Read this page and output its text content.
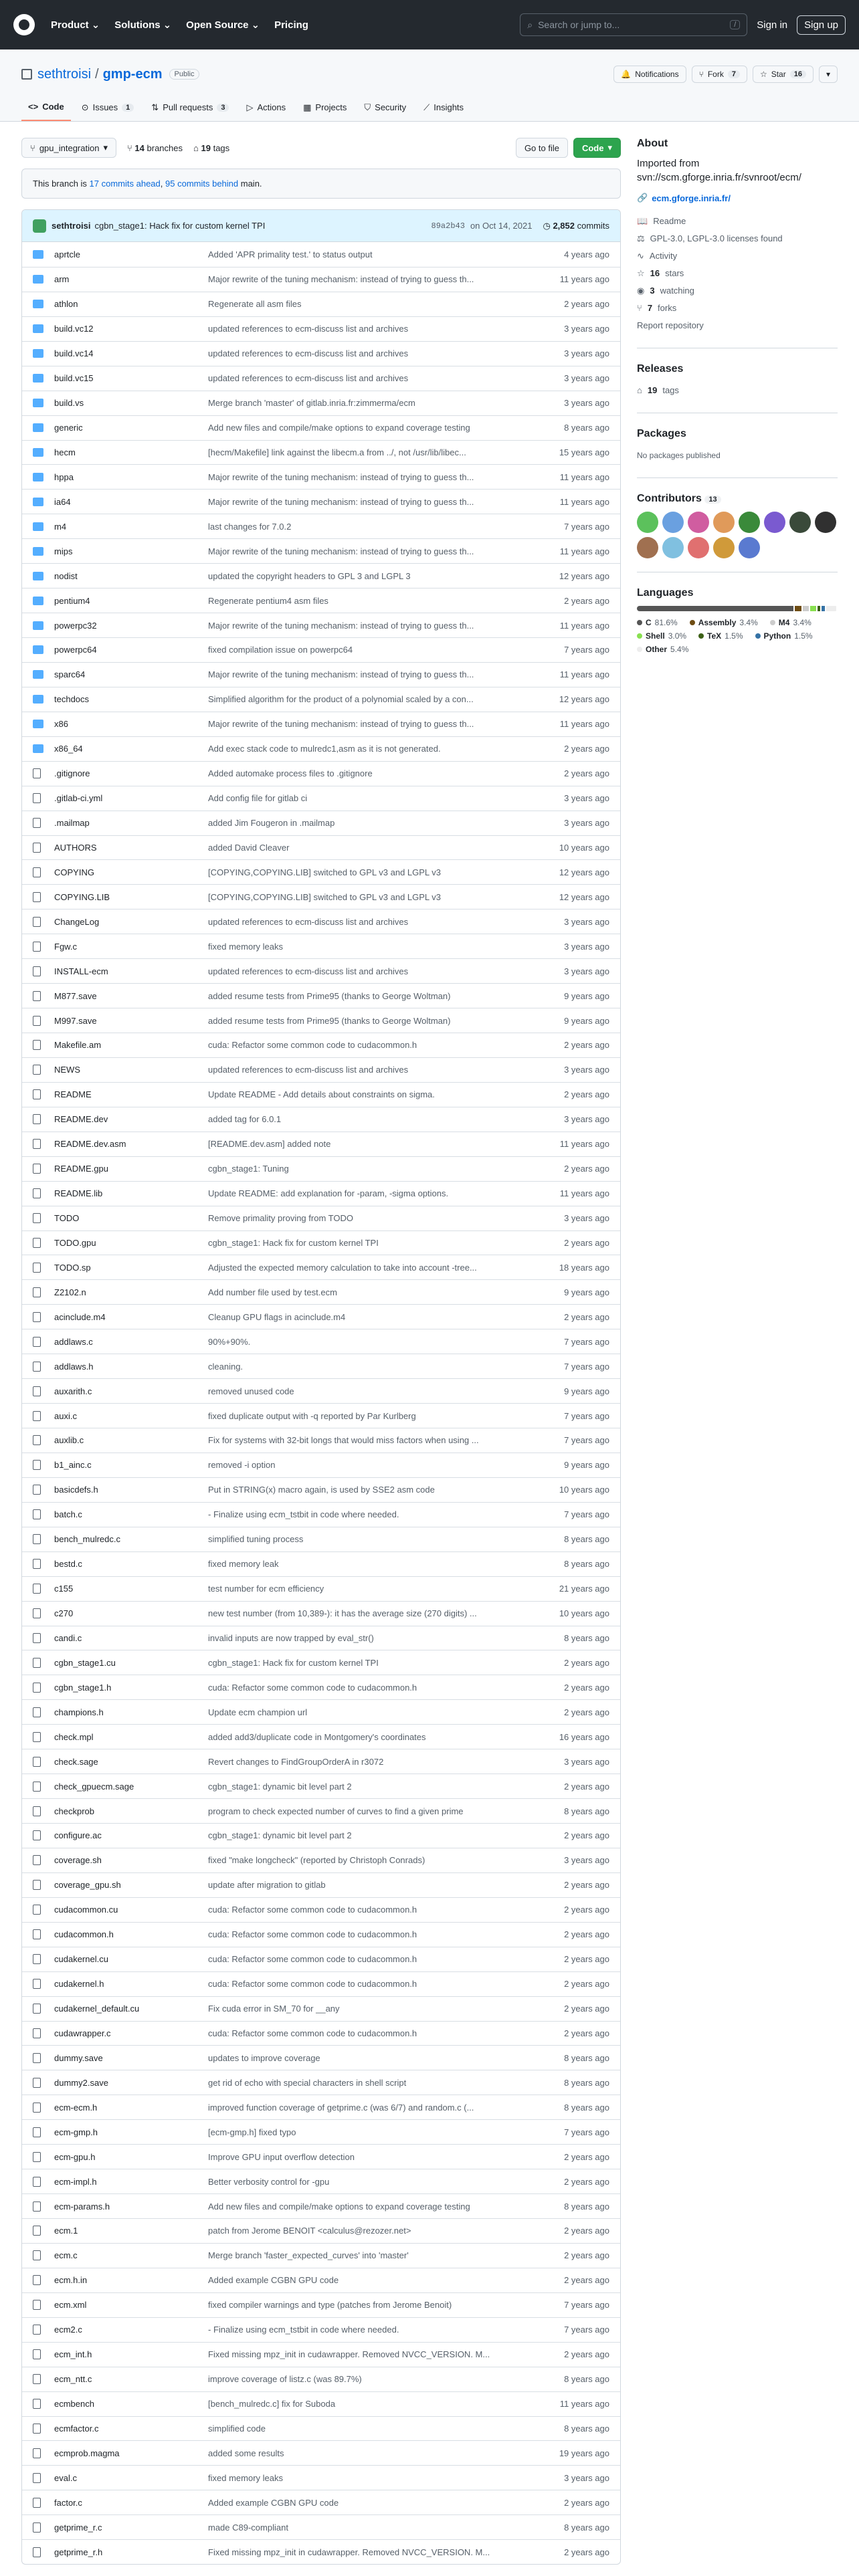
Product ⌄ Solutions ⌄ Open Source ⌄ Pricing	⌕ Search or jump to...	/	Sign in	Sign up
sethtroisi / gmp-ecm	Public	🔔 Notifications	⑂ Fork	7	☆ Star	16	▾
<> Code ⊙ Issues	1	⇅ Pull requests	3	▷ Actions ▦ Projects ⛉ Security ⟋ Insights
⑂ gpu_integration ▾ ⑂ 14 branches ⌂ 19 tags	Go to file	Code ▾
This branch is 17 commits ahead, 95 commits behind main.
sethtroisi cgbn_stage1: Hack fix for custom kernel TPI	89a2b43 on Oct 14, 2021 ◷ 2,852 commits
aprtcle	Added 'APR primality test.' to status output	4 years ago
arm	Major rewrite of the tuning mechanism: instead of trying to guess th...	11 years ago
athlon	Regenerate all asm files	2 years ago
build.vc12	updated references to ecm-discuss list and archives	3 years ago
build.vc14	updated references to ecm-discuss list and archives	3 years ago
build.vc15	updated references to ecm-discuss list and archives	3 years ago
build.vs	Merge branch 'master' of gitlab.inria.fr:zimmerma/ecm	3 years ago
generic	Add new files and compile/make options to expand coverage testing	8 years ago
hecm	[hecm/Makefile] link against the libecm.a from ../, not /usr/lib/libec...	15 years ago
hppa	Major rewrite of the tuning mechanism: instead of trying to guess th...	11 years ago
ia64	Major rewrite of the tuning mechanism: instead of trying to guess th...	11 years ago
m4	last changes for 7.0.2	7 years ago
mips	Major rewrite of the tuning mechanism: instead of trying to guess th...	11 years ago
nodist	updated the copyright headers to GPL 3 and LGPL 3	12 years ago
pentium4	Regenerate pentium4 asm files	2 years ago
powerpc32	Major rewrite of the tuning mechanism: instead of trying to guess th...	11 years ago
powerpc64	fixed compilation issue on powerpc64	7 years ago
sparc64	Major rewrite of the tuning mechanism: instead of trying to guess th...	11 years ago
techdocs	Simplified algorithm for the product of a polynomial scaled by a con...	12 years ago
x86	Major rewrite of the tuning mechanism: instead of trying to guess th...	11 years ago
x86_64	Add exec stack code to mulredc1,asm as it is not generated.	2 years ago
.gitignore	Added automake process files to .gitignore	2 years ago
.gitlab-ci.yml	Add config file for gitlab ci	3 years ago
.mailmap	added Jim Fougeron in .mailmap	3 years ago
AUTHORS	added David Cleaver	10 years ago
COPYING	[COPYING,COPYING.LIB] switched to GPL v3 and LGPL v3	12 years ago
COPYING.LIB	[COPYING,COPYING.LIB] switched to GPL v3 and LGPL v3	12 years ago
ChangeLog	updated references to ecm-discuss list and archives	3 years ago
Fgw.c	fixed memory leaks	3 years ago
INSTALL-ecm	updated references to ecm-discuss list and archives	3 years ago
M877.save	added resume tests from Prime95 (thanks to George Woltman)	9 years ago
M997.save	added resume tests from Prime95 (thanks to George Woltman)	9 years ago
Makefile.am	cuda: Refactor some common code to cudacommon.h	2 years ago
NEWS	updated references to ecm-discuss list and archives	3 years ago
README	Update README - Add details about constraints on sigma.	2 years ago
README.dev	added tag for 6.0.1	3 years ago
README.dev.asm	[README.dev.asm] added note	11 years ago
README.gpu	cgbn_stage1: Tuning	2 years ago
README.lib	Update README: add explanation for -param, -sigma options.	11 years ago
TODO	Remove primality proving from TODO	3 years ago
TODO.gpu	cgbn_stage1: Hack fix for custom kernel TPI	2 years ago
TODO.sp	Adjusted the expected memory calculation to take into account -tree...	18 years ago
Z2102.n	Add number file used by test.ecm	9 years ago
acinclude.m4	Cleanup GPU flags in acinclude.m4	2 years ago
addlaws.c	90%+90%.	7 years ago
addlaws.h	cleaning.	7 years ago
auxarith.c	removed unused code	9 years ago
auxi.c	fixed duplicate output with -q reported by Par Kurlberg	7 years ago
auxlib.c	Fix for systems with 32-bit longs that would miss factors when using ...	7 years ago
b1_ainc.c	removed -i option	9 years ago
basicdefs.h	Put in STRING(x) macro again, is used by SSE2 asm code	10 years ago
batch.c	- Finalize using ecm_tstbit in code where needed.	7 years ago
bench_mulredc.c	simplified tuning process	8 years ago
bestd.c	fixed memory leak	8 years ago
c155	test number for ecm efficiency	21 years ago
c270	new test number (from 10,389-): it has the average size (270 digits) ...	10 years ago
candi.c	invalid inputs are now trapped by eval_str()	8 years ago
cgbn_stage1.cu	cgbn_stage1: Hack fix for custom kernel TPI	2 years ago
cgbn_stage1.h	cuda: Refactor some common code to cudacommon.h	2 years ago
champions.h	Update ecm champion url	2 years ago
check.mpl	added add3/duplicate code in Montgomery's coordinates	16 years ago
check.sage	Revert changes to FindGroupOrderA in r3072	3 years ago
check_gpuecm.sage	cgbn_stage1: dynamic bit level part 2	2 years ago
checkprob	program to check expected number of curves to find a given prime	8 years ago
configure.ac	cgbn_stage1: dynamic bit level part 2	2 years ago
coverage.sh	fixed "make longcheck" (reported by Christoph Conrads)	3 years ago
coverage_gpu.sh	update after migration to gitlab	2 years ago
cudacommon.cu	cuda: Refactor some common code to cudacommon.h	2 years ago
cudacommon.h	cuda: Refactor some common code to cudacommon.h	2 years ago
cudakernel.cu	cuda: Refactor some common code to cudacommon.h	2 years ago
cudakernel.h	cuda: Refactor some common code to cudacommon.h	2 years ago
cudakernel_default.cu	Fix cuda error in SM_70 for __any	2 years ago
cudawrapper.c	cuda: Refactor some common code to cudacommon.h	2 years ago
dummy.save	updates to improve coverage	8 years ago
dummy2.save	get rid of echo with special characters in shell script	8 years ago
ecm-ecm.h	improved function coverage of getprime.c (was 6/7) and random.c (...	8 years ago
ecm-gmp.h	[ecm-gmp.h] fixed typo	7 years ago
ecm-gpu.h	Improve GPU input overflow detection	2 years ago
ecm-impl.h	Better verbosity control for -gpu	2 years ago
ecm-params.h	Add new files and compile/make options to expand coverage testing	8 years ago
ecm.1	patch from Jerome BENOIT <calculus@rezozer.net>	2 years ago
ecm.c	Merge branch 'faster_expected_curves' into 'master'	2 years ago
ecm.h.in	Added example CGBN GPU code	2 years ago
ecm.xml	fixed compiler warnings and type (patches from Jerome Benoit)	7 years ago
ecm2.c	- Finalize using ecm_tstbit in code where needed.	7 years ago
ecm_int.h	Fixed missing mpz_init in cudawrapper. Removed NVCC_VERSION. M...	2 years ago
ecm_ntt.c	improve coverage of listz.c (was 89.7%)	8 years ago
ecmbench	[bench_mulredc.c] fix for Suboda	11 years ago
ecmfactor.c	simplified code	8 years ago
ecmprob.magma	added some results	19 years ago
eval.c	fixed memory leaks	3 years ago
factor.c	Added example CGBN GPU code	2 years ago
getprime_r.c	made C89-compliant	8 years ago
getprime_r.h	Fixed missing mpz_init in cudawrapper. Removed NVCC_VERSION. M...	2 years ago
About
Imported from svn://scm.gforge.inria.fr/svnroot/ecm/
🔗 ecm.gforge.inria.fr/
📖 Readme
⚖ GPL-3.0, LGPL-3.0 licenses found
∿ Activity
☆ 16 stars
◉ 3 watching
⑂ 7 forks
Report repository
Releases
⌂ 19 tags
Packages
No packages published
Contributors 13
Languages
C 81.6%	Assembly 3.4%	M4 3.4%
Shell 3.0%	TeX 1.5%	Python 1.5%
Other 5.4%
